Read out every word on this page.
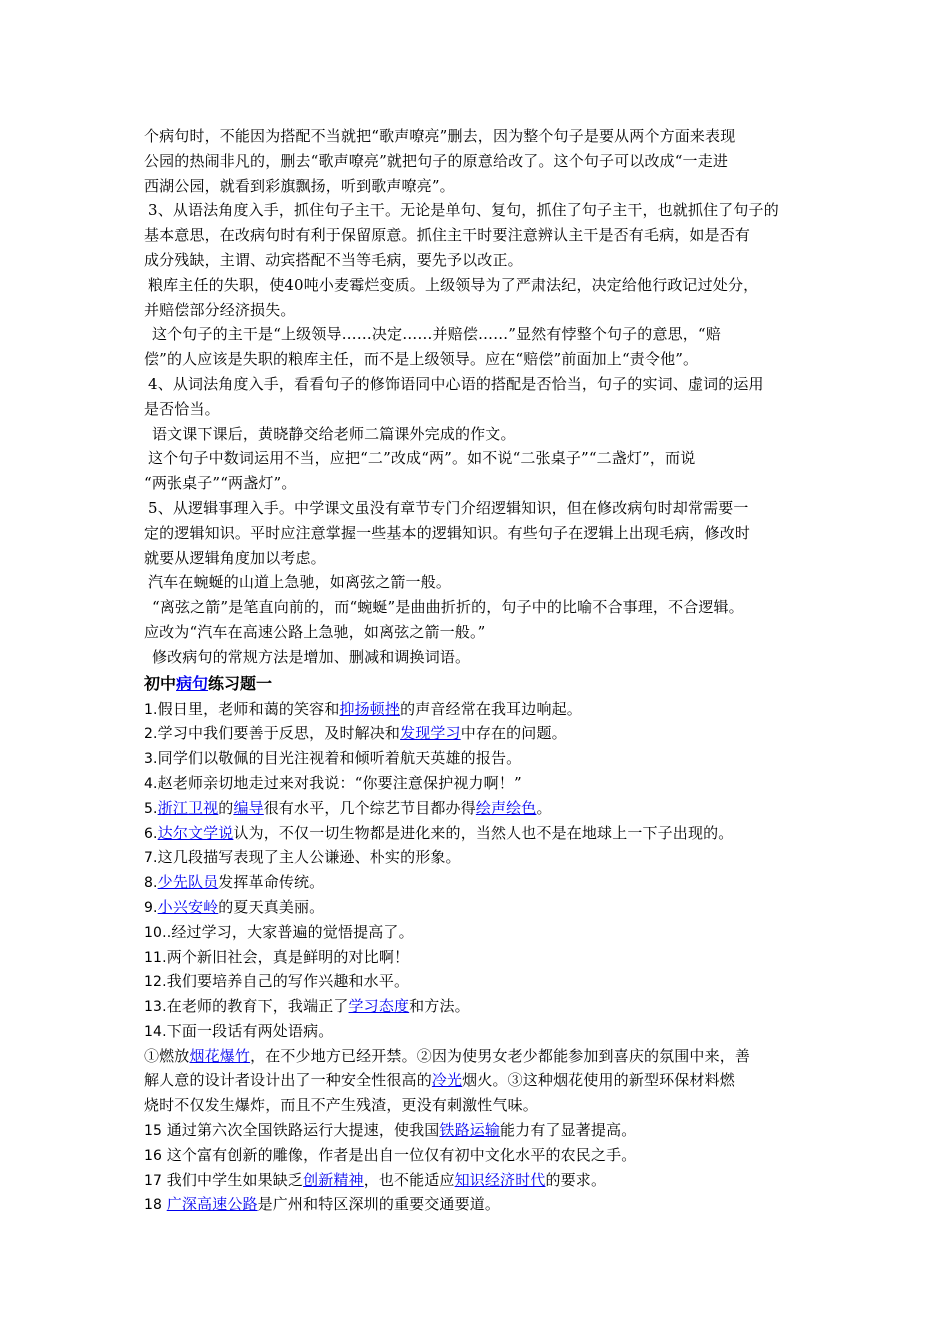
个病句时，不能因为搭配不当就把“歌声嘹亮”删去，因为整个句子是要从两个方面来表现
公园的热闹非凡的，删去“歌声嘹亮”就把句子的原意给改了。这个句子可以改成“一走进
西湖公园，就看到彩旗飘扬，听到歌声嘹亮”。
3、从语法角度入手，抓住句子主干。无论是单句、复句，抓住了句子主干，也就抓住了句子的
基本意思，在改病句时有利于保留原意。抓住主干时要注意辨认主干是否有毛病，如是否有
成分残缺，主谓、动宾搭配不当等毛病，要先予以改正。
粮库主任的失职，使40吨小麦霉烂变质。上级领导为了严肃法纪，决定给他行政记过处分，
并赔偿部分经济损失。
这个句子的主干是“上级领导……决定……并赔偿……”显然有悖整个句子的意思，“赔
偿”的人应该是失职的粮库主任，而不是上级领导。应在“赔偿”前面加上“责令他”。
4、从词法角度入手，看看句子的修饰语同中心语的搭配是否恰当，句子的实词、虚词的运用
是否恰当。
语文课下课后，黄晓静交给老师二篇课外完成的作文。
这个句子中数词运用不当，应把“二”改成“两”。如不说“二张桌子”“二盏灯”，而说
“两张桌子”“两盏灯”。
5、从逻辑事理入手。中学课文虽没有章节专门介绍逻辑知识，但在修改病句时却常需要一
定的逻辑知识。平时应注意掌握一些基本的逻辑知识。有些句子在逻辑上出现毛病，修改时
就要从逻辑角度加以考虑。
汽车在蜿蜒的山道上急驰，如离弦之箭一般。
“离弦之箭”是笔直向前的，而“蜿蜒”是曲曲折折的，句子中的比喻不合事理，不合逻辑。
应改为“汽车在高速公路上急驰，如离弦之箭一般。”
修改病句的常规方法是增加、删减和调换词语。
初中病句练习题一
1.假日里，老师和蔼的笑容和抑扬顿挫的声音经常在我耳边响起。
2.学习中我们要善于反思，及时解决和发现学习中存在的问题。
3.同学们以敬佩的目光注视着和倾听着航天英雄的报告。
4.赵老师亲切地走过来对我说：“你要注意保护视力啊！”
5.浙江卫视的编导很有水平，几个综艺节目都办得绘声绘色。
6.达尔文学说认为，不仅一切生物都是进化来的，当然人也不是在地球上一下子出现的。
7.这几段描写表现了主人公谦逊、朴实的形象。
8.少先队员发挥革命传统。
9.小兴安岭的夏天真美丽。
10..经过学习，大家普遍的觉悟提高了。
11.两个新旧社会，真是鲜明的对比啊！
12.我们要培养自己的写作兴趣和水平。
13.在老师的教育下，我端正了学习态度和方法。
14.下面一段话有两处语病。
①燃放烟花爆竹，在不少地方已经开禁。②因为使男女老少都能参加到喜庆的氛围中来，善
解人意的设计者设计出了一种安全性很高的冷光烟火。③这种烟花使用的新型环保材料燃
烧时不仅发生爆炸，而且不产生残渣，更没有刺激性气味。
15 通过第六次全国铁路运行大提速，使我国铁路运输能力有了显著提高。
16 这个富有创新的雕像，作者是出自一位仅有初中文化水平的农民之手。
17 我们中学生如果缺乏创新精神，也不能适应知识经济时代的要求。
18 广深高速公路是广州和特区深圳的重要交通要道。
